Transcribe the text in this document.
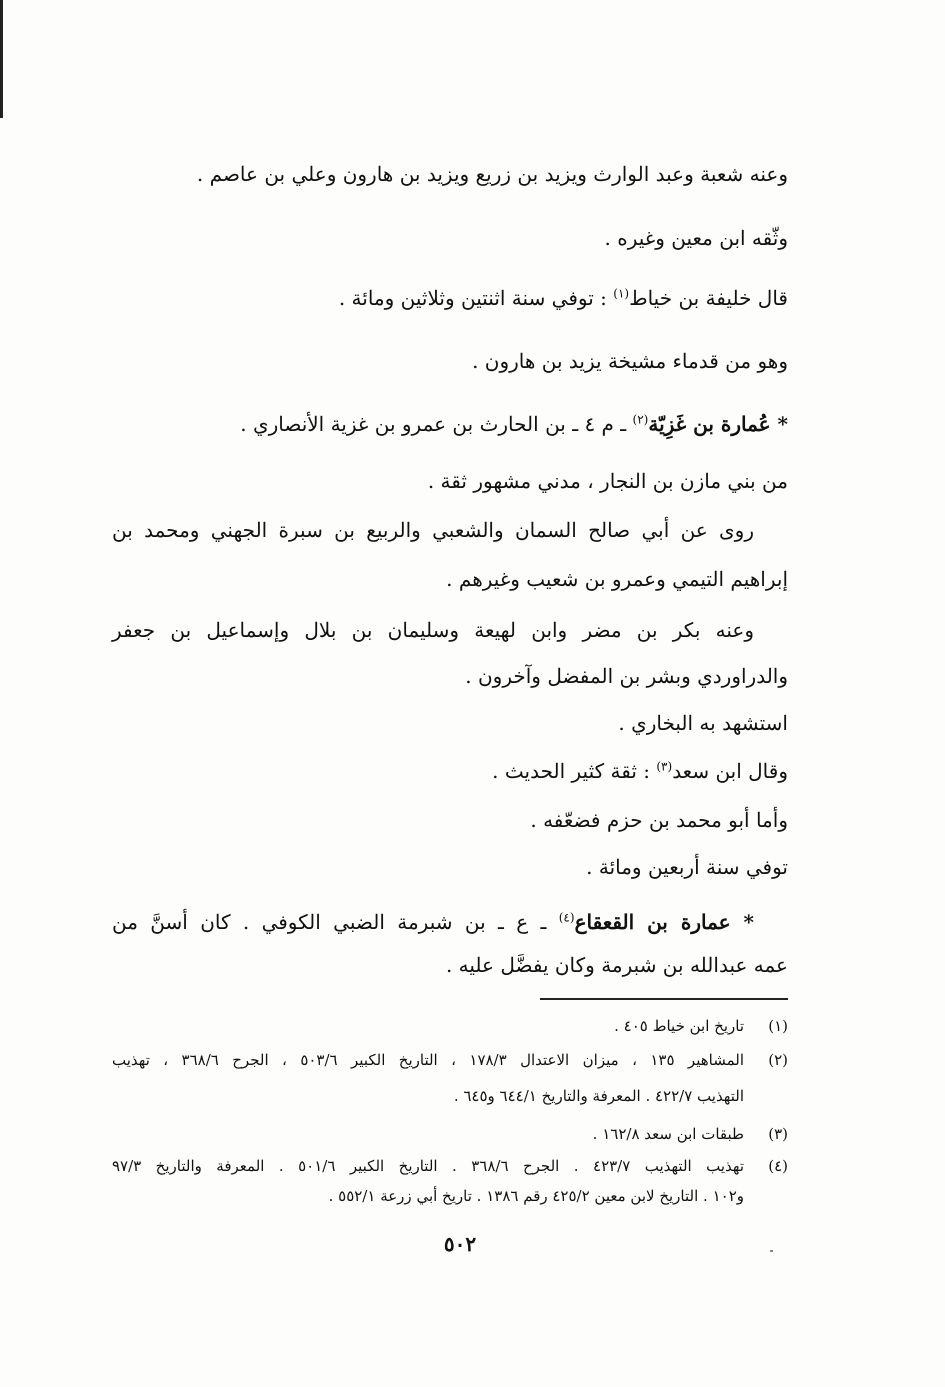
وعنه شعبة وعبد الوارث ويزيد بن زريع ويزيد بن هارون وعلي بن عاصم .
وثّقه ابن معين وغيره .
قال خليفة بن خياط$^{(١)}$ : توفي سنة اثنتين وثلاثين ومائة .
وهو من قدماء مشيخة يزيد بن هارون .
* عُمارة بن غَزِيّة$^{(٢)}$ ـ م ٤ ـ بن الحارث بن عمرو بن غزية الأنصاري .
من بني مازن بن النجار ، مدني مشهور ثقة .
روى عن أبي صالح السمان والشعبي والربيع بن سبرة الجهني ومحمد بن
إبراهيم التيمي وعمرو بن شعيب وغيرهم .
وعنه بكر بن مضر وابن لهيعة وسليمان بن بلال وإسماعيل بن جعفر
والدراوردي وبشر بن المفضل وآخرون .
استشهد به البخاري .
وقال ابن سعد$^{(٣)}$ : ثقة كثير الحديث .
وأما أبو محمد بن حزم فضعّفه .
توفي سنة أربعين ومائة .
* عمارة بن القعقاع$^{(٤)}$ ـ ع ـ بن شبرمة الضبي الكوفي . كان أسنَّ من
عمه عبدالله بن شبرمة وكان يفضَّل عليه .
(١)
تاريخ ابن خياط ٤٠٥ .
(٢)
المشاهير ١٣٥ ، ميزان الاعتدال ١٧٨/٣ ، التاريخ الكبير ٥٠٣/٦ ، الجرح ٣٦٨/٦ ، تهذيب
التهذيب ٤٢٢/٧ . المعرفة والتاريخ ٦٤٤/١ و٦٤٥ .
(٣)
طبقات ابن سعد ١٦٢/٨ .
(٤)
تهذيب التهذيب ٤٢٣/٧ . الجرح ٣٦٨/٦ . التاريخ الكبير ٥٠١/٦ . المعرفة والتاريخ ٩٧/٣
و١٠٢ . التاريخ لابن معين ٤٢٥/٢ رقم ١٣٨٦ . تاريخ أبي زرعة ٥٥٢/١ .
٥٠٢
